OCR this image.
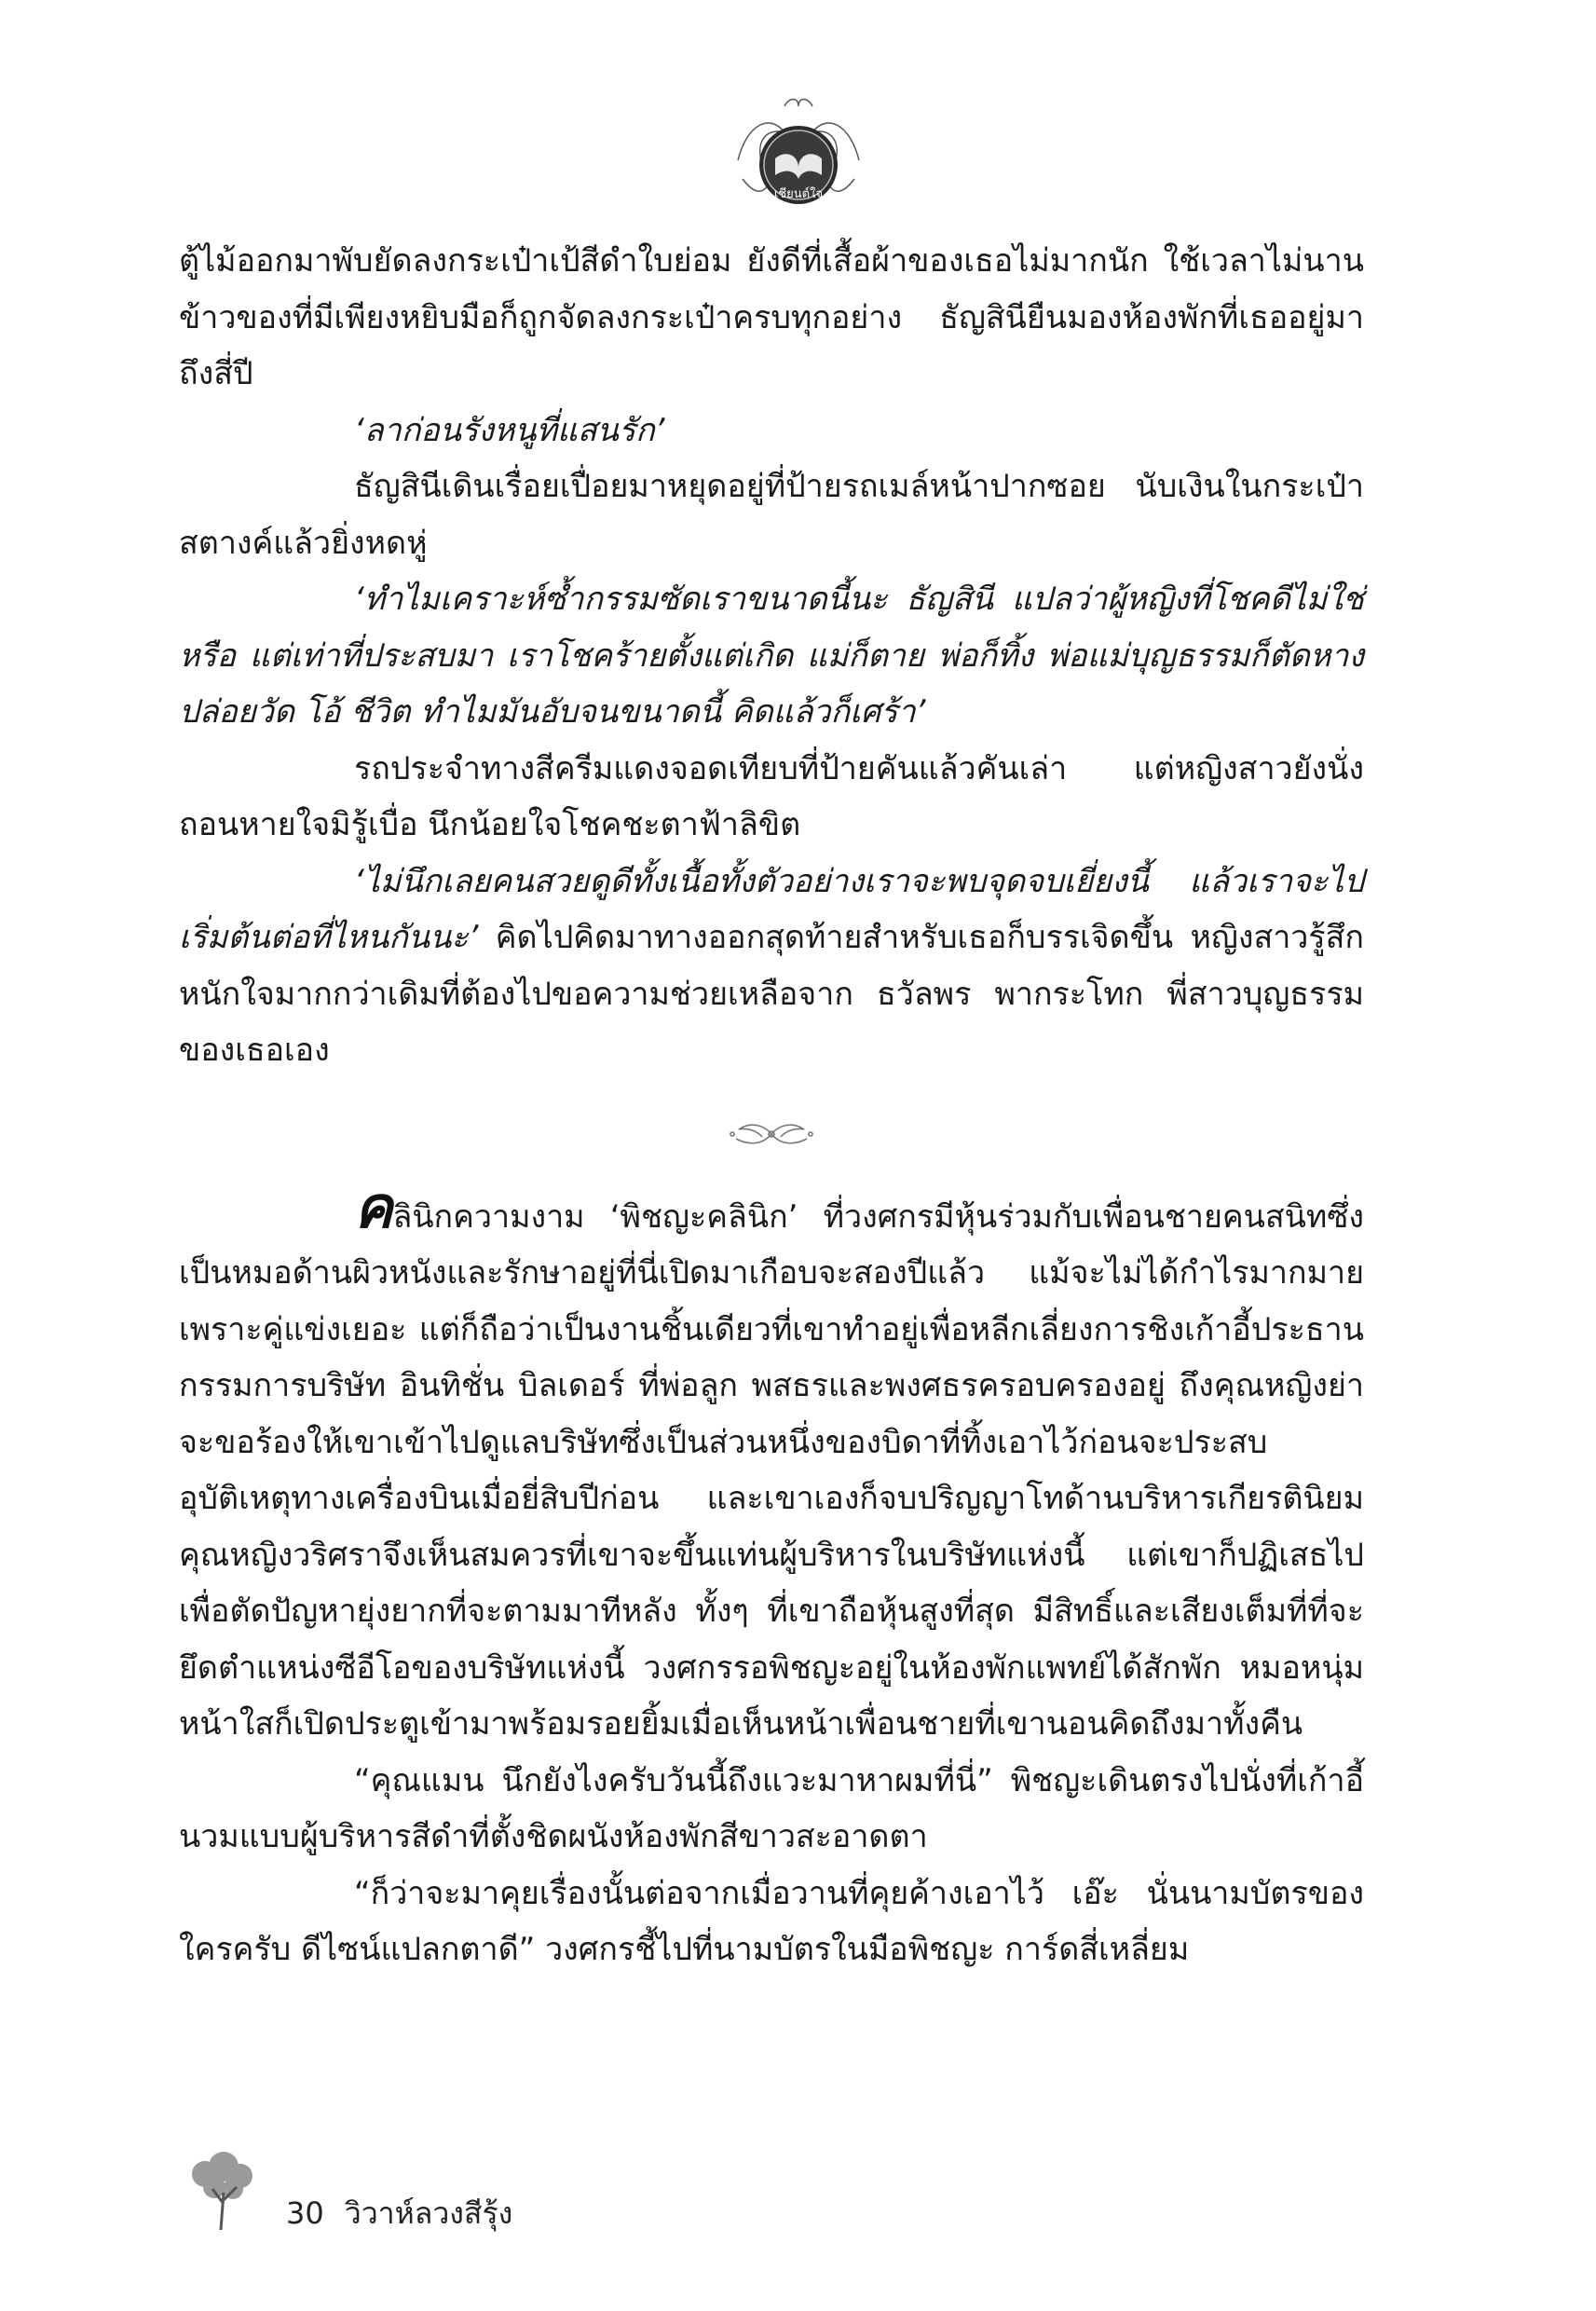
เชียนต์ใจ

ตู้ไม้ออกมาพับยัดลงกระเป๋าเป้สีดำใบย่อม ยังดีที่เสื้อผ้าของเธอไม่มากนัก ใช้เวลาไม่นานข้าวของที่มีเพียงหยิบมือก็ถูกจัดลงกระเป๋าครบทุกอย่าง ธัญสินียืนมองห้องพักที่เธออยู่มาถึงสี่ปี

‘ลาก่อนรังหนูที่แสนรัก’

ธัญสินีเดินเรื่อยเปื่อยมาหยุดอยู่ที่ป้ายรถเมล์หน้าปากซอย นับเงินในกระเป๋าสตางค์แล้วยิ่งหดหู่

‘ทำไมเคราะห์ซ้ำกรรมซัดเราขนาดนี้นะ ธัญสินี แปลว่าผู้หญิงที่โชคดีไม่ใช่หรือ แต่เท่าที่ประสบมา เราโชคร้ายตั้งแต่เกิด แม่ก็ตาย พ่อก็ทิ้ง พ่อแม่บุญธรรมก็ตัดหางปล่อยวัด โอ้ ชีวิต ทำไมมันอับจนขนาดนี้ คิดแล้วก็เศร้า’

รถประจำทางสีครีมแดงจอดเทียบที่ป้ายคันแล้วคันเล่า แต่หญิงสาวยังนั่งถอนหายใจมิรู้เบื่อ นึกน้อยใจโชคชะตาฟ้าลิขิต

‘ไม่นึกเลยคนสวยดูดีทั้งเนื้อทั้งตัวอย่างเราจะพบจุดจบเยี่ยงนี้ แล้วเราจะไปเริ่มต้นต่อที่ไหนกันนะ’ คิดไปคิดมาทางออกสุดท้ายสำหรับเธอก็บรรเจิดขึ้น หญิงสาวรู้สึกหนักใจมากกว่าเดิมที่ต้องไปขอความช่วยเหลือจาก ธวัลพร พากระโทก พี่สาวบุญธรรมของเธอเอง

คลินิกความงาม ‘พิชญะคลินิก’ ที่วงศกรมีหุ้นร่วมกับเพื่อนชายคนสนิทซึ่งเป็นหมอด้านผิวหนังและรักษาอยู่ที่นี่เปิดมาเกือบจะสองปีแล้ว แม้จะไม่ได้กำไรมากมายเพราะคู่แข่งเยอะ แต่ก็ถือว่าเป็นงานชิ้นเดียวที่เขาทำอยู่เพื่อหลีกเลี่ยงการชิงเก้าอี้ประธานกรรมการบริษัท อินทิชั่น บิลเดอร์ ที่พ่อลูก พสธรและพงศธรครอบครองอยู่ ถึงคุณหญิงย่าจะขอร้องให้เขาเข้าไปดูแลบริษัทซึ่งเป็นส่วนหนึ่งของบิดาที่ทิ้งเอาไว้ก่อนจะประสบอุบัติเหตุทางเครื่องบินเมื่อยี่สิบปีก่อน และเขาเองก็จบปริญญาโทด้านบริหารเกียรตินิยม คุณหญิงวริศราจึงเห็นสมควรที่เขาจะขึ้นแท่นผู้บริหารในบริษัทแห่งนี้ แต่เขาก็ปฏิเสธไปเพื่อตัดปัญหายุ่งยากที่จะตามมาทีหลัง ทั้งๆ ที่เขาถือหุ้นสูงที่สุด มีสิทธิ์และเสียงเต็มที่ที่จะยึดตำแหน่งซีอีโอของบริษัทแห่งนี้ วงศกรรอพิชญะอยู่ในห้องพักแพทย์ได้สักพัก หมอหนุ่มหน้าใสก็เปิดประตูเข้ามาพร้อมรอยยิ้มเมื่อเห็นหน้าเพื่อนชายที่เขานอนคิดถึงมาทั้งคืน

“คุณแมน นึกยังไงครับวันนี้ถึงแวะมาหาผมที่นี่” พิชญะเดินตรงไปนั่งที่เก้าอี้นวมแบบผู้บริหารสีดำที่ตั้งชิดผนังห้องพักสีขาวสะอาดตา

“ก็ว่าจะมาคุยเรื่องนั้นต่อจากเมื่อวานที่คุยค้างเอาไว้ เอ๊ะ นั่นนามบัตรของใครครับ ดีไซน์แปลกตาดี” วงศกรชี้ไปที่นามบัตรในมือพิชญะ การ์ดสี่เหลี่ยม

30 วิวาห์ลวงสีรุ้ง
